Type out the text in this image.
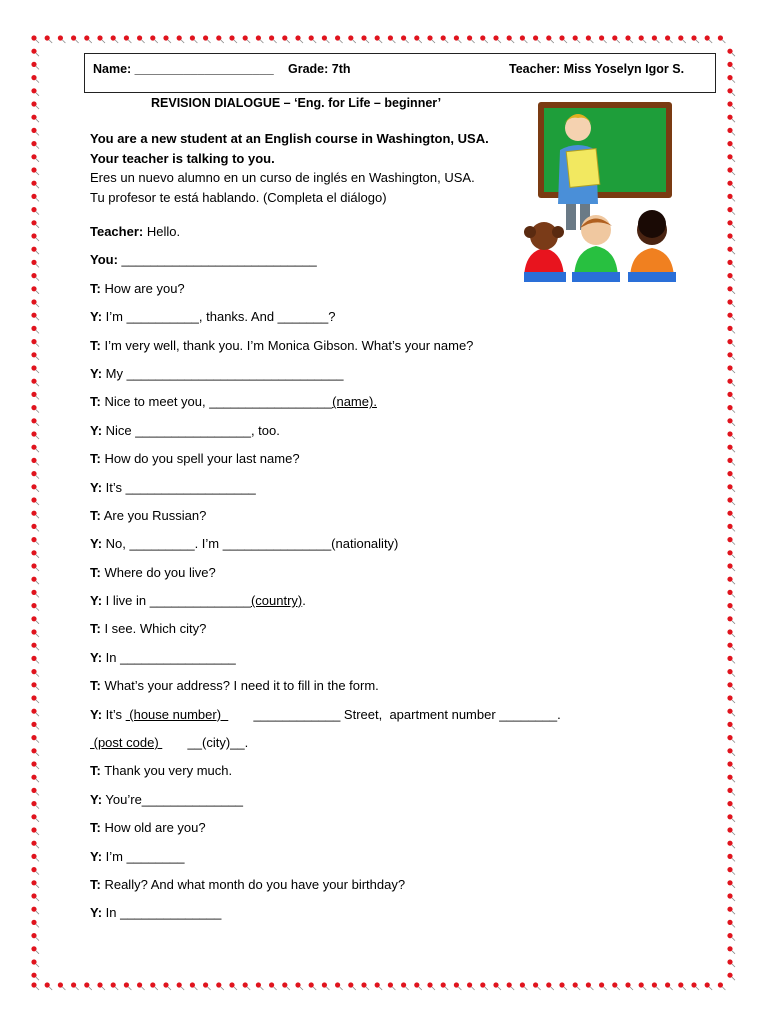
Name: ____________________ Grade: 7th	Teacher: Miss Yoselyn Igor S.
REVISION DIALOGUE – ‘Eng. for Life – beginner’
You are a new student at an English course in Washington, USA.
Your teacher is talking to you.
Eres un nuevo alumno en un curso de inglés en Washington, USA.
Tu profesor te está hablando. (Completa el diálogo)
Teacher: Hello.
You: ___________________________
T: How are you?
Y: I’m __________, thanks. And _______?
T: I’m very well, thank you. I’m Monica Gibson. What’s your name?
Y: My ______________________________
T: Nice to meet you, _________________(name).
Y: Nice ________________, too.
T: How do you spell your last name?
Y: It’s __________________
T: Are you Russian?
Y: No, _________. I’m _______________(nationality)
T: Where do you live?
Y: I live in ______________(country).
T: I see. Which city?
Y: In ________________
T: What’s your address? I need it to fill in the form.
Y: It’s  (house number)         ____________ Street,  apartment number ________.
(post code)        __(city)__.
T: Thank you very much.
Y: You’re______________
T: How old are you?
Y: I’m ________
T: Really? And what month do you have your birthday?
Y: In ______________
